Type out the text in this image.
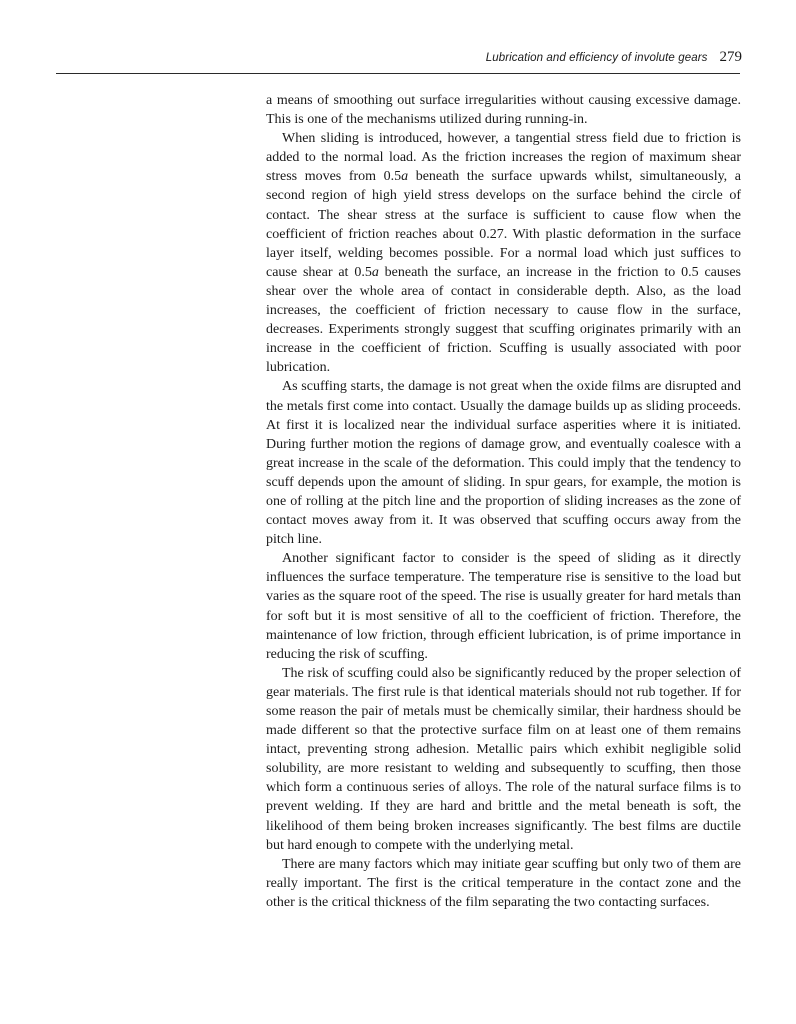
Lubrication and efficiency of involute gears 279

a means of smoothing out surface irregularities without causing excessive damage. This is one of the mechanisms utilized during running-in.

When sliding is introduced, however, a tangential stress field due to friction is added to the normal load. As the friction increases the region of maximum shear stress moves from 0.5a beneath the surface upwards whilst, simultaneously, a second region of high yield stress develops on the surface behind the circle of contact. The shear stress at the surface is sufficient to cause flow when the coefficient of friction reaches about 0.27. With plastic deformation in the surface layer itself, welding becomes possible. For a normal load which just suffices to cause shear at 0.5a beneath the surface, an increase in the friction to 0.5 causes shear over the whole area of contact in considerable depth. Also, as the load increases, the coefficient of friction necessary to cause flow in the surface, decreases. Experiments strongly suggest that scuffing originates primarily with an increase in the coefficient of friction. Scuffing is usually associated with poor lubrication.

As scuffing starts, the damage is not great when the oxide films are disrupted and the metals first come into contact. Usually the damage builds up as sliding proceeds. At first it is localized near the individual surface asperities where it is initiated. During further motion the regions of damage grow, and eventually coalesce with a great increase in the scale of the deformation. This could imply that the tendency to scuff depends upon the amount of sliding. In spur gears, for example, the motion is one of rolling at the pitch line and the proportion of sliding increases as the zone of contact moves away from it. It was observed that scuffing occurs away from the pitch line.

Another significant factor to consider is the speed of sliding as it directly influences the surface temperature. The temperature rise is sensitive to the load but varies as the square root of the speed. The rise is usually greater for hard metals than for soft but it is most sensitive of all to the coefficient of friction. Therefore, the maintenance of low friction, through efficient lubrication, is of prime importance in reducing the risk of scuffing.

The risk of scuffing could also be significantly reduced by the proper selection of gear materials. The first rule is that identical materials should not rub together. If for some reason the pair of metals must be chemically similar, their hardness should be made different so that the protective surface film on at least one of them remains intact, preventing strong adhesion. Metallic pairs which exhibit negligible solid solubility, are more resistant to welding and subsequently to scuffing, then those which form a continuous series of alloys. The role of the natural surface films is to prevent welding. If they are hard and brittle and the metal beneath is soft, the likelihood of them being broken increases significantly. The best films are ductile but hard enough to compete with the underlying metal.

There are many factors which may initiate gear scuffing but only two of them are really important. The first is the critical temperature in the contact zone and the other is the critical thickness of the film separating the two contacting surfaces.
